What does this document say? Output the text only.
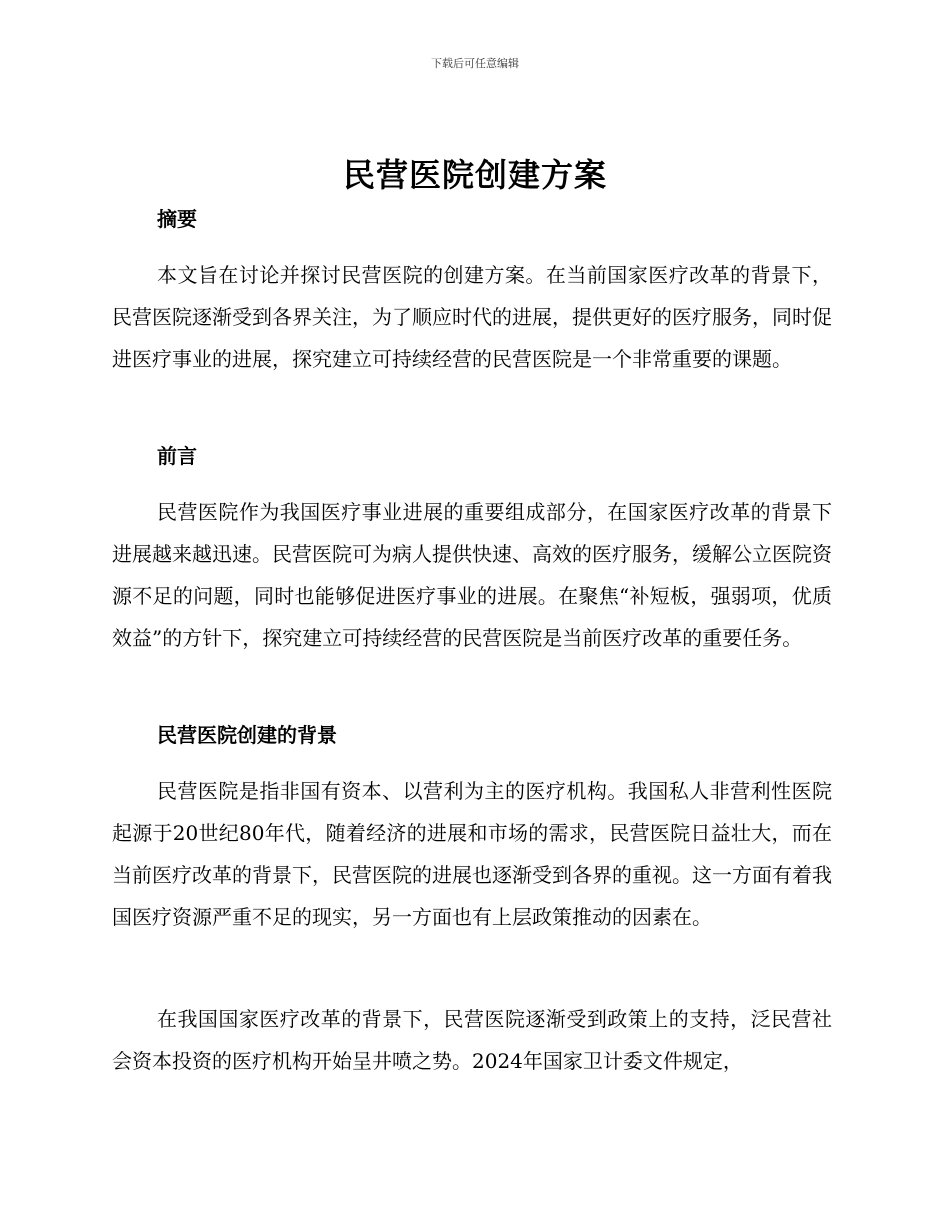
下载后可任意编辑
民营医院创建方案
摘要

本文旨在讨论并探讨民营医院的创建方案。在当前国家医疗改革的背景下，民营医院逐渐受到各界关注，为了顺应时代的进展，提供更好的医疗服务，同时促进医疗事业的进展，探究建立可持续经营的民营医院是一个非常重要的课题。

前言

民营医院作为我国医疗事业进展的重要组成部分，在国家医疗改革的背景下进展越来越迅速。民营医院可为病人提供快速、高效的医疗服务，缓解公立医院资源不足的问题，同时也能够促进医疗事业的进展。在聚焦“补短板，强弱项，优质效益”的方针下，探究建立可持续经营的民营医院是当前医疗改革的重要任务。

民营医院创建的背景

民营医院是指非国有资本、以营利为主的医疗机构。我国私人非营利性医院起源于20世纪80年代，随着经济的进展和市场的需求，民营医院日益壮大，而在当前医疗改革的背景下，民营医院的进展也逐渐受到各界的重视。这一方面有着我国医疗资源严重不足的现实，另一方面也有上层政策推动的因素在。

在我国国家医疗改革的背景下，民营医院逐渐受到政策上的支持，泛民营社会资本投资的医疗机构开始呈井喷之势。2024年国家卫计委文件规定，
